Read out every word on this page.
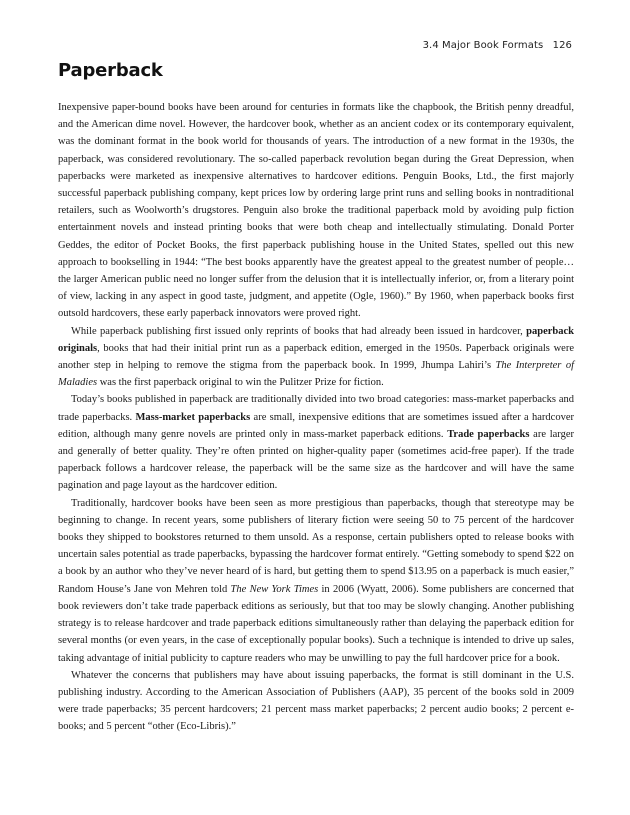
3.4 Major Book Formats 126
Paperback

Inexpensive paper-bound books have been around for centuries in formats like the chapbook, the British penny dreadful, and the American dime novel. However, the hardcover book, whether as an ancient codex or its contemporary equivalent, was the dominant format in the book world for thousands of years. The introduction of a new format in the 1930s, the paperback, was considered revolutionary. The so-called paperback revolution began during the Great Depression, when paperbacks were marketed as inexpensive alternatives to hardcover editions. Penguin Books, Ltd., the first majorly successful paperback publishing company, kept prices low by ordering large print runs and selling books in nontraditional retailers, such as Woolworth’s drugstores. Penguin also broke the traditional paperback mold by avoiding pulp fiction entertainment novels and instead printing books that were both cheap and intellectually stimulating. Donald Porter Geddes, the editor of Pocket Books, the first paperback publishing house in the United States, spelled out this new approach to bookselling in 1944: “The best books apparently have the greatest appeal to the greatest number of people…the larger American public need no longer suffer from the delusion that it is intellectually inferior, or, from a literary point of view, lacking in any aspect in good taste, judgment, and appetite (Ogle, 1960).” By 1960, when paperback books first outsold hardcovers, these early paperback innovators were proved right.

While paperback publishing first issued only reprints of books that had already been issued in hardcover, paperback originals, books that had their initial print run as a paperback edition, emerged in the 1950s. Paperback originals were another step in helping to remove the stigma from the paperback book. In 1999, Jhumpa Lahiri’s The Interpreter of Maladies was the first paperback original to win the Pulitzer Prize for fiction.

Today’s books published in paperback are traditionally divided into two broad categories: mass-market paperbacks and trade paperbacks. Mass-market paperbacks are small, inexpensive editions that are sometimes issued after a hardcover edition, although many genre novels are printed only in mass-market paperback editions. Trade paperbacks are larger and generally of better quality. They’re often printed on higher-quality paper (sometimes acid-free paper). If the trade paperback follows a hardcover release, the paperback will be the same size as the hardcover and will have the same pagination and page layout as the hardcover edition.

Traditionally, hardcover books have been seen as more prestigious than paperbacks, though that stereotype may be beginning to change. In recent years, some publishers of literary fiction were seeing 50 to 75 percent of the hardcover books they shipped to bookstores returned to them unsold. As a response, certain publishers opted to release books with uncertain sales potential as trade paperbacks, bypassing the hardcover format entirely. “Getting somebody to spend $22 on a book by an author who they’ve never heard of is hard, but getting them to spend $13.95 on a paperback is much easier,” Random House’s Jane von Mehren told The New York Times in 2006 (Wyatt, 2006). Some publishers are concerned that book reviewers don’t take trade paperback editions as seriously, but that too may be slowly changing. Another publishing strategy is to release hardcover and trade paperback editions simultaneously rather than delaying the paperback edition for several months (or even years, in the case of exceptionally popular books). Such a technique is intended to drive up sales, taking advantage of initial publicity to capture readers who may be unwilling to pay the full hardcover price for a book.

Whatever the concerns that publishers may have about issuing paperbacks, the format is still dominant in the U.S. publishing industry. According to the American Association of Publishers (AAP), 35 percent of the books sold in 2009 were trade paperbacks; 35 percent hardcovers; 21 percent mass market paperbacks; 2 percent audio books; 2 percent e-books; and 5 percent “other (Eco-Libris).”
